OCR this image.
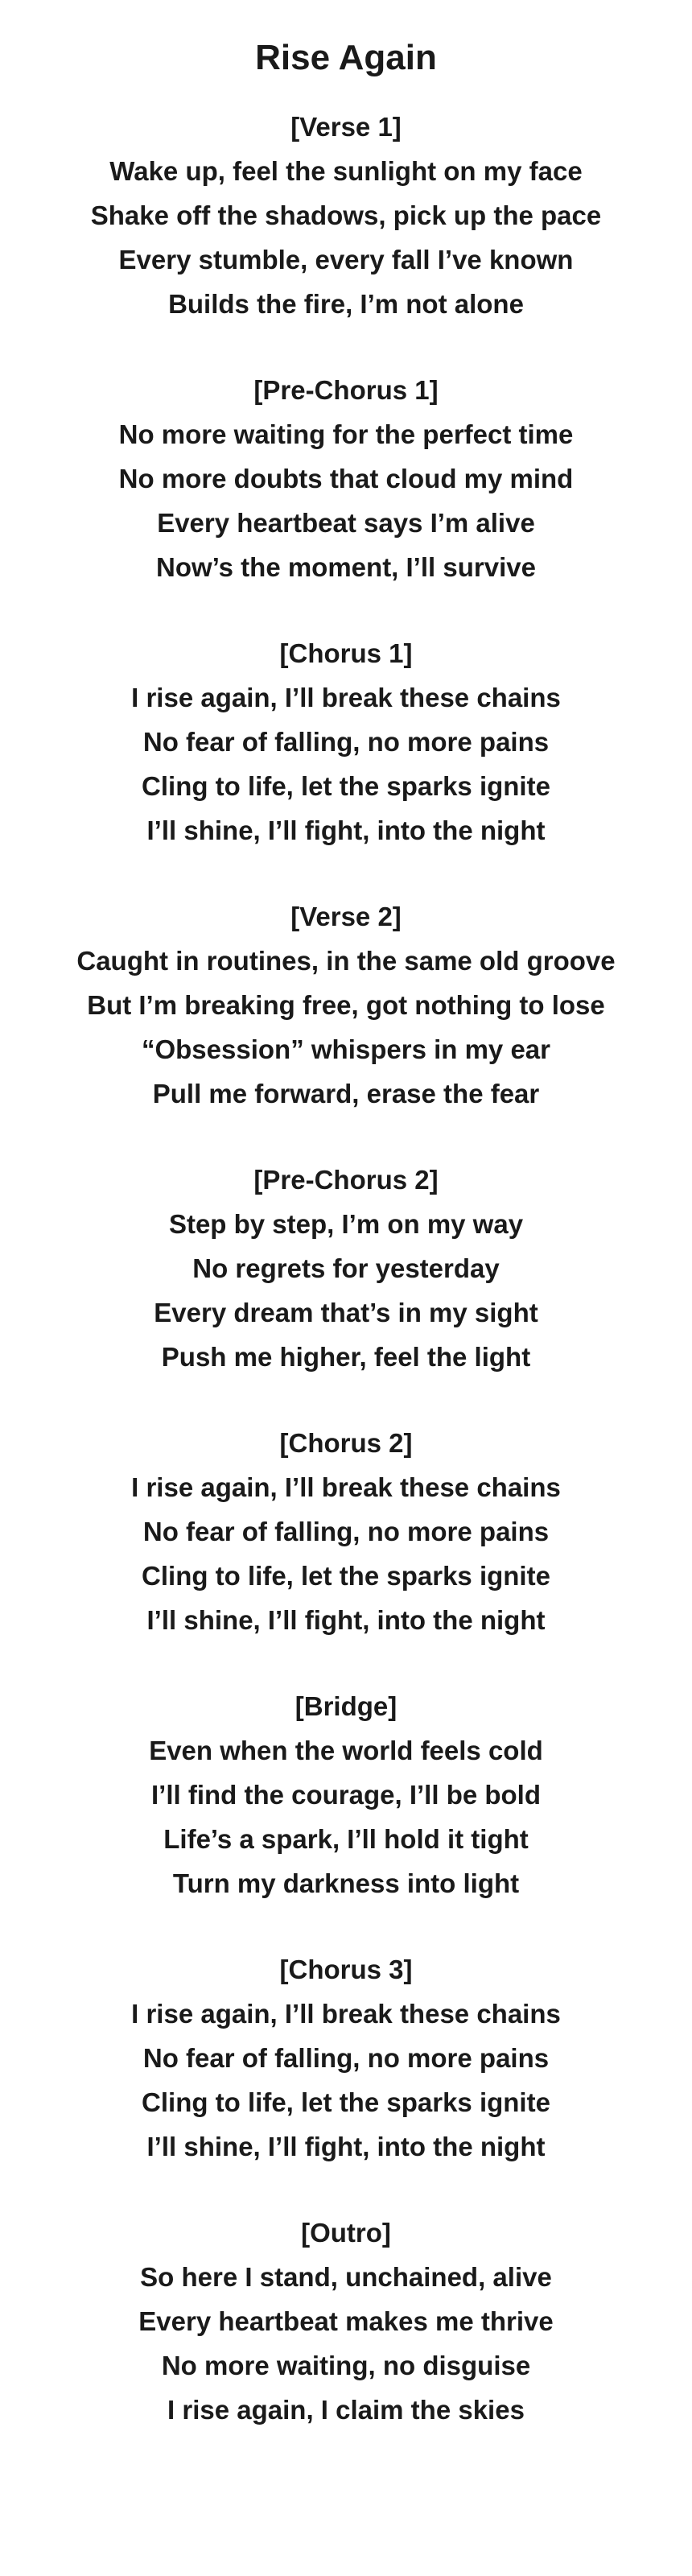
Rise Again

[Verse 1]

Wake up, feel the sunlight on my face

Shake off the shadows, pick up the pace

Every stumble, every fall I’ve known

Builds the fire, I’m not alone

[Pre-Chorus 1]

No more waiting for the perfect time

No more doubts that cloud my mind

Every heartbeat says I’m alive

Now’s the moment, I’ll survive

[Chorus 1]

I rise again, I’ll break these chains

No fear of falling, no more pains

Cling to life, let the sparks ignite

I’ll shine, I’ll fight, into the night

[Verse 2]

Caught in routines, in the same old groove

But I’m breaking free, got nothing to lose

“Obsession” whispers in my ear

Pull me forward, erase the fear

[Pre-Chorus 2]

Step by step, I’m on my way

No regrets for yesterday

Every dream that’s in my sight

Push me higher, feel the light

[Chorus 2]

I rise again, I’ll break these chains

No fear of falling, no more pains

Cling to life, let the sparks ignite

I’ll shine, I’ll fight, into the night

[Bridge]

Even when the world feels cold

I’ll find the courage, I’ll be bold

Life’s a spark, I’ll hold it tight

Turn my darkness into light

[Chorus 3]

I rise again, I’ll break these chains

No fear of falling, no more pains

Cling to life, let the sparks ignite

I’ll shine, I’ll fight, into the night

[Outro]

So here I stand, unchained, alive

Every heartbeat makes me thrive

No more waiting, no disguise

I rise again, I claim the skies
